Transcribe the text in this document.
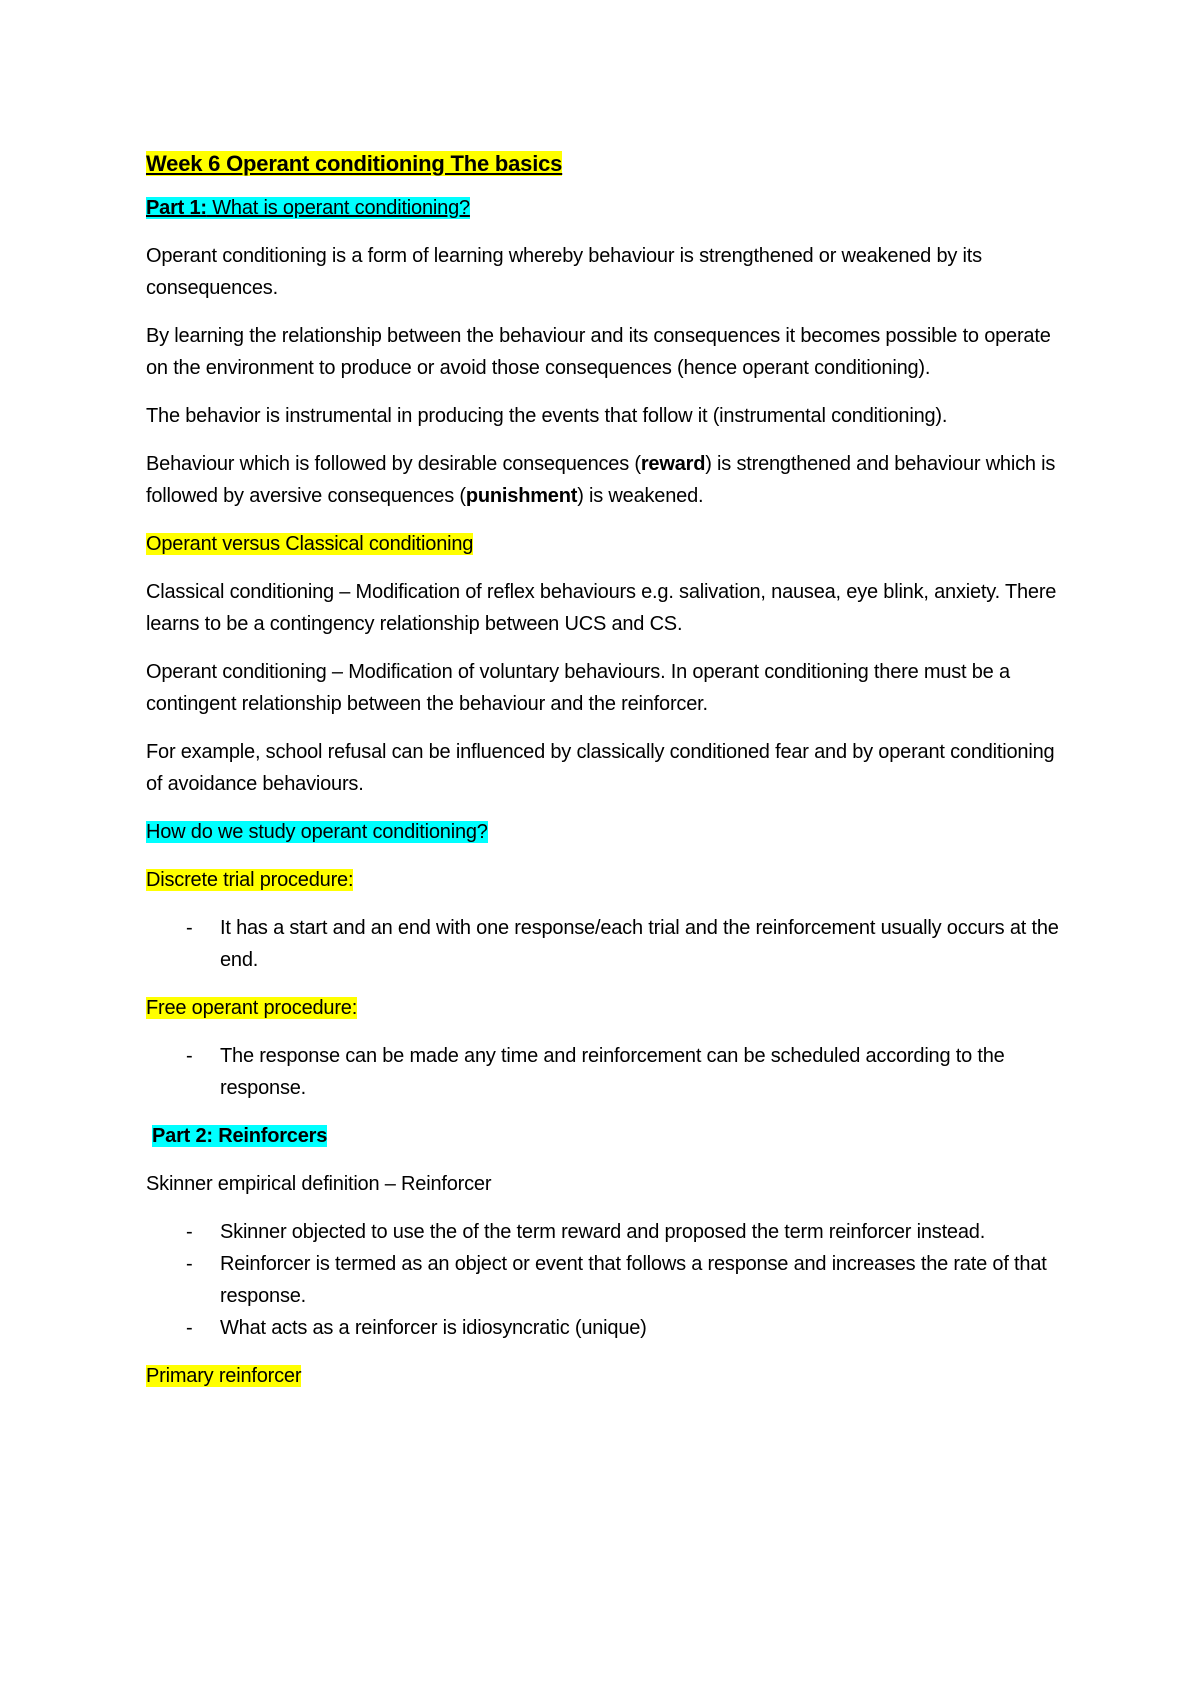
Week 6 Operant conditioning The basics
Part 1: What is operant conditioning?

Operant conditioning is a form of learning whereby behaviour is strengthened or weakened by its consequences.

By learning the relationship between the behaviour and its consequences it becomes possible to operate on the environment to produce or avoid those consequences (hence operant conditioning).

The behavior is instrumental in producing the events that follow it (instrumental conditioning).

Behaviour which is followed by desirable consequences (reward) is strengthened and behaviour which is followed by aversive consequences (punishment) is weakened.

Operant versus Classical conditioning

Classical conditioning – Modification of reflex behaviours e.g. salivation, nausea, eye blink, anxiety. There learns to be a contingency relationship between UCS and CS.

Operant conditioning – Modification of voluntary behaviours. In operant conditioning there must be a contingent relationship between the behaviour and the reinforcer.

For example, school refusal can be influenced by classically conditioned fear and by operant conditioning of avoidance behaviours.

How do we study operant conditioning?
Discrete trial procedure:
- It has a start and an end with one response/each trial and the reinforcement usually occurs at the end.
Free operant procedure:
- The response can be made any time and reinforcement can be scheduled according to the response.
Part 2: Reinforcers

Skinner empirical definition – Reinforcer

- Skinner objected to use the of the term reward and proposed the term reinforcer instead.
- Reinforcer is termed as an object or event that follows a response and increases the rate of that response.
- What acts as a reinforcer is idiosyncratic (unique)
Primary reinforcer
